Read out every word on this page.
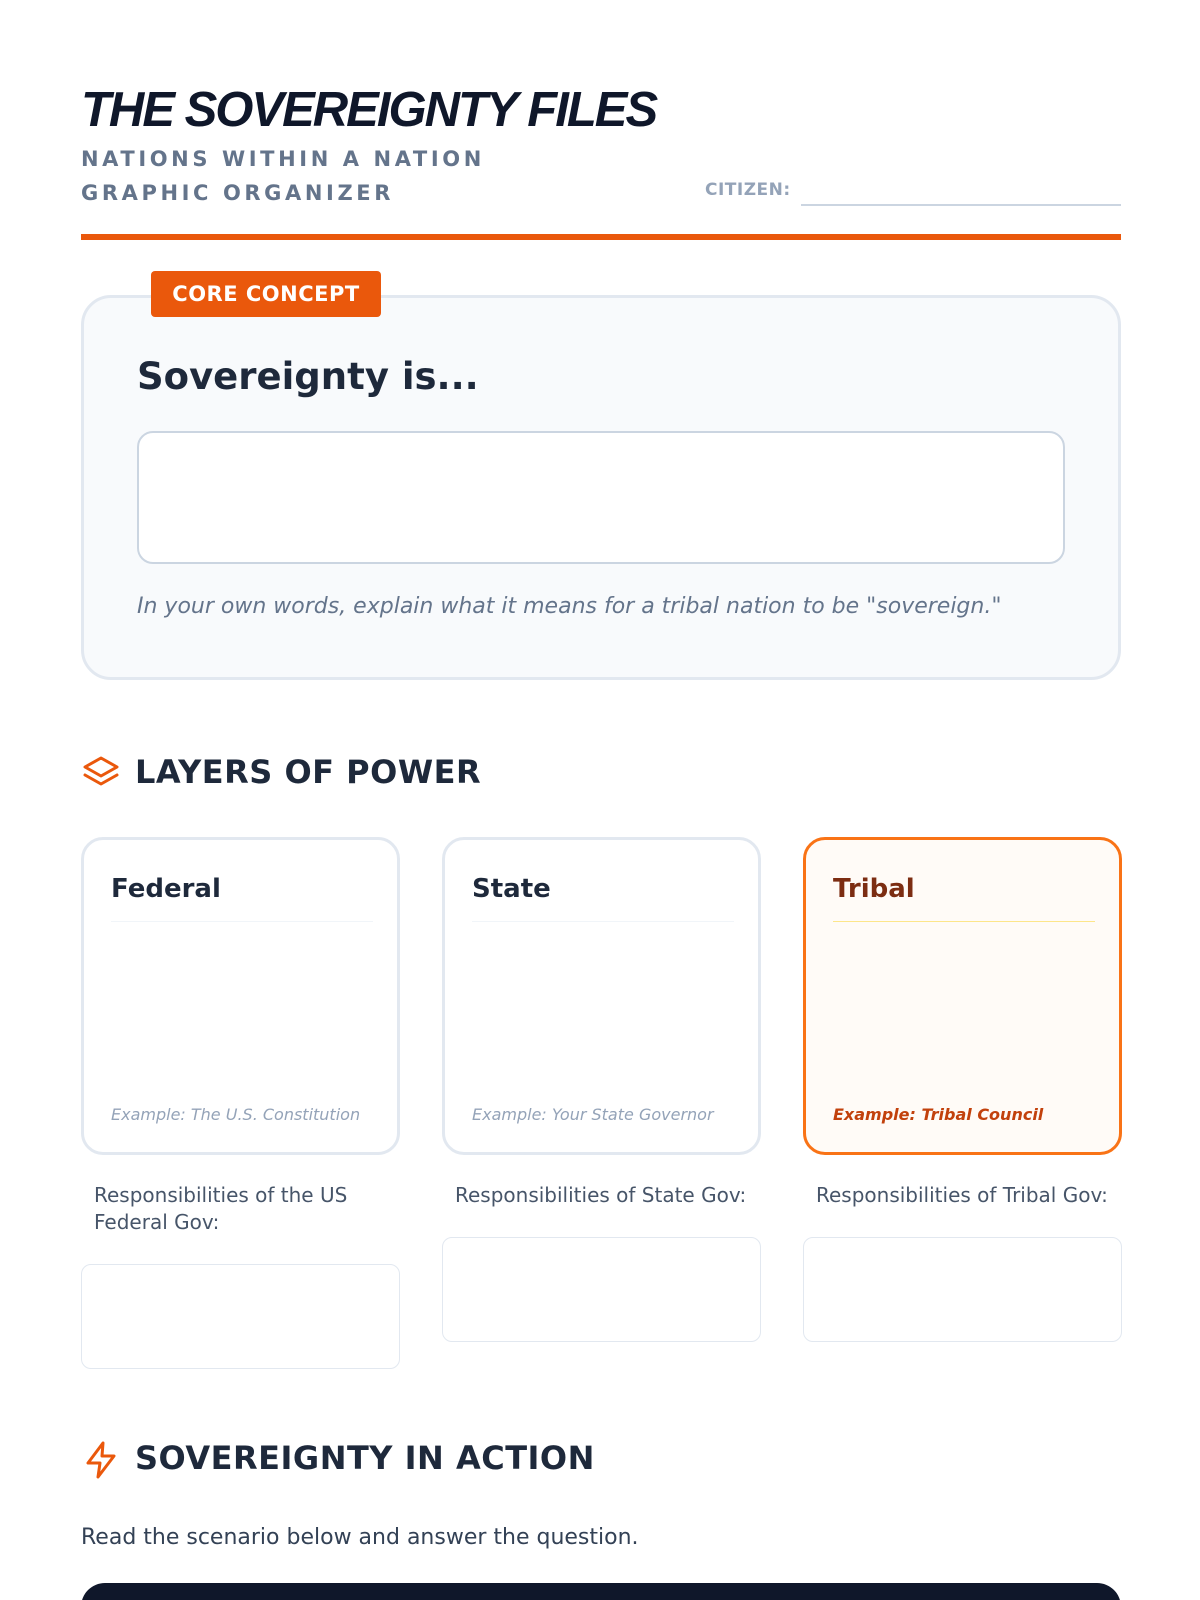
THE SOVEREIGNTY FILES
NATIONS WITHIN A NATION GRAPHIC ORGANIZER	CITIZEN:
CORE CONCEPT
Sovereignty is...
In your own words, explain what it means for a tribal nation to be "sovereign."
LAYERS OF POWER
Federal
Example: The U.S. Constitution
State
Example: Your State Governor
Tribal
Example: Tribal Council
Responsibilities of the US Federal Gov:
Responsibilities of State Gov:	Responsibilities of Tribal Gov:
SOVEREIGNTY IN ACTION
Read the scenario below and answer the question.
